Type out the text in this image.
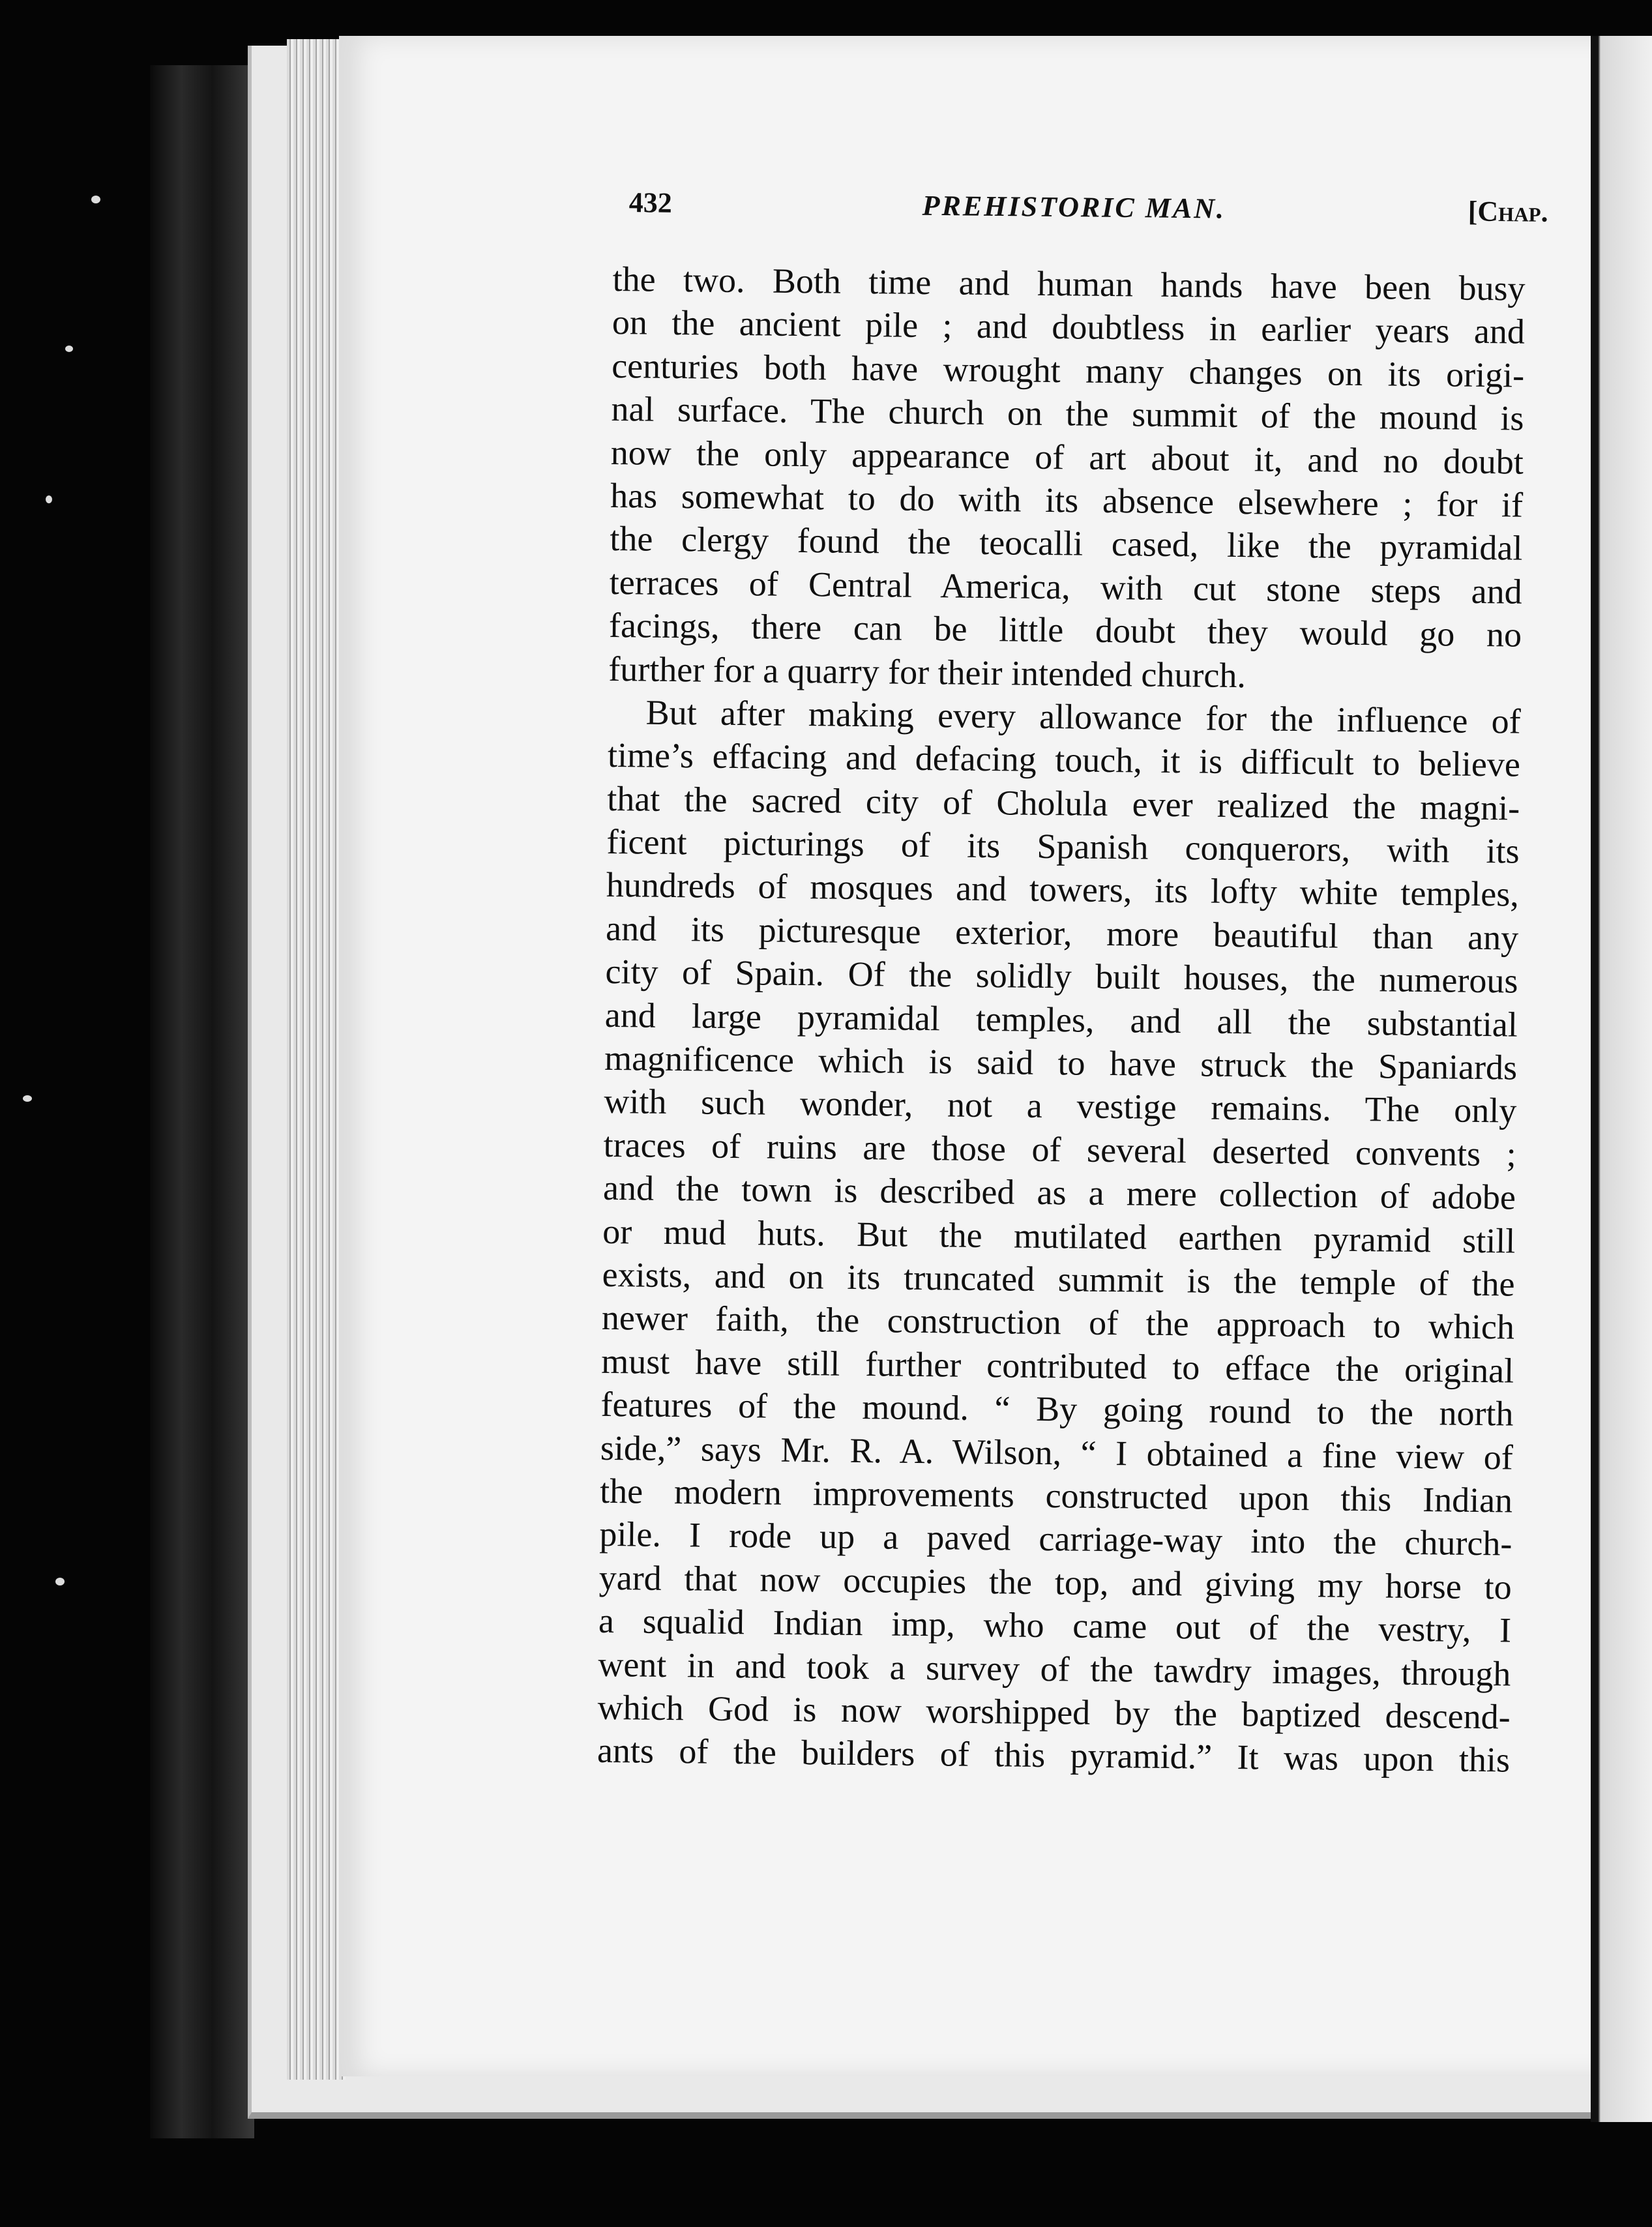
432	PREHISTORIC MAN.	[Chap.
the two. Both time and human hands have been busy
on the ancient pile ; and doubtless in earlier years and
centuries both have wrought many changes on its origi-
nal surface. The church on the summit of the mound is
now the only appearance of art about it, and no doubt
has somewhat to do with its absence elsewhere ; for if
the clergy found the teocalli cased, like the pyramidal
terraces of Central America, with cut stone steps and
facings, there can be little doubt they would go no
further for a quarry for their intended church.
But after making every allowance for the influence of
time’s effacing and defacing touch, it is difficult to believe
that the sacred city of Cholula ever realized the magni-
ficent picturings of its Spanish conquerors, with its
hundreds of mosques and towers, its lofty white temples,
and its picturesque exterior, more beautiful than any
city of Spain. Of the solidly built houses, the numerous
and large pyramidal temples, and all the substantial
magnificence which is said to have struck the Spaniards
with such wonder, not a vestige remains. The only
traces of ruins are those of several deserted convents ;
and the town is described as a mere collection of adobe
or mud huts. But the mutilated earthen pyramid still
exists, and on its truncated summit is the temple of the
newer faith, the construction of the approach to which
must have still further contributed to efface the original
features of the mound. “ By going round to the north
side,” says Mr. R. A. Wilson, “ I obtained a fine view of
the modern improvements constructed upon this Indian
pile. I rode up a paved carriage-way into the church-
yard that now occupies the top, and giving my horse to
a squalid Indian imp, who came out of the vestry, I
went in and took a survey of the tawdry images, through
which God is now worshipped by the baptized descend-
ants of the builders of this pyramid.” It was upon this
